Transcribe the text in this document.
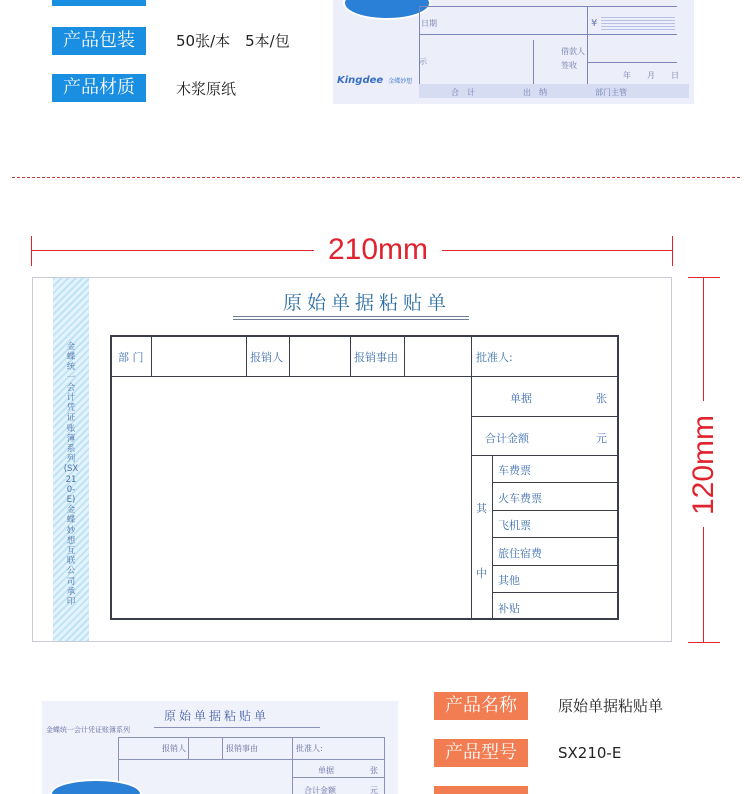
产品包装	50张/本　5本/包
产品材质	木浆原纸
日期
示
¥
借款人
签收
年 月 日
合　计	出　纳	部门主管
Kingdee 金蝶妙想
210mm
120mm
金蝶统一会计凭证账簿系列(SX210-E)金蝶妙想互联公司承印
原始单据粘贴单
部 门	报销人	报销事由	批准人:
单据	张
合计金额	元
其
中
车费票
火车费票
飞机票
旅住宿费
其他
补贴
原始单据粘贴单
金蝶统一会计凭证账簿系列
报销人	报销事由	批准人:
单据	张
合计金额	元
产品名称	原始单据粘贴单
产品型号	SX210-E
